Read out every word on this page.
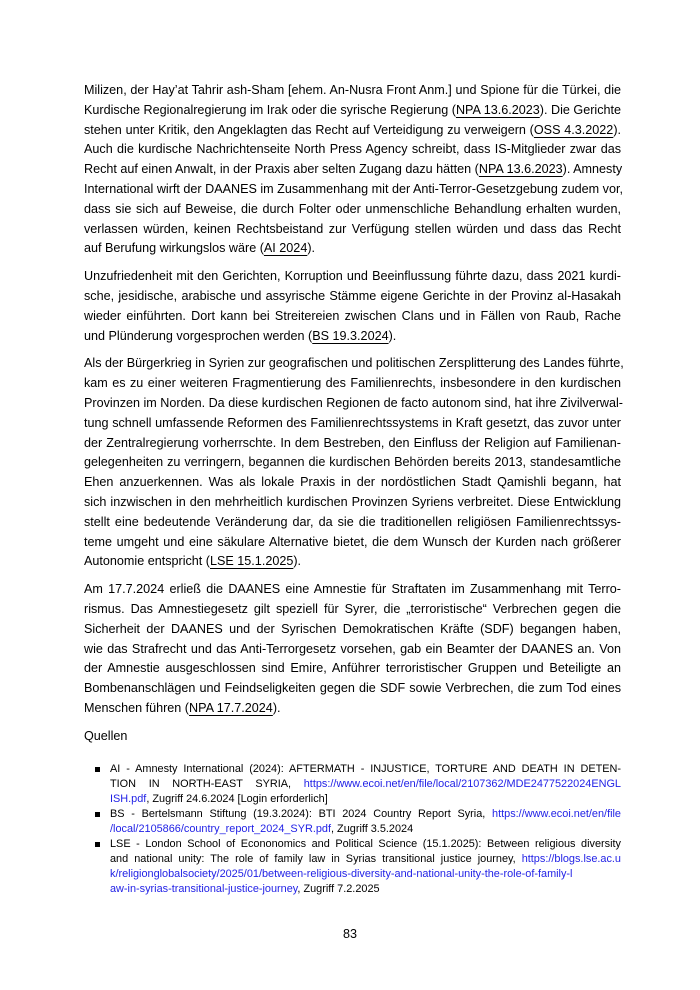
Milizen, der Hay’at Tahrir ash-Sham [ehem. An-Nusra Front Anm.] und Spione für die Türkei, die
Kurdische Regionalregierung im Irak oder die syrische Regierung (NPA 13.6.2023). Die Gerichte
stehen unter Kritik, den Angeklagten das Recht auf Verteidigung zu verweigern (OSS 4.3.2022).
Auch die kurdische Nachrichtenseite North Press Agency schreibt, dass IS-Mitglieder zwar das
Recht auf einen Anwalt, in der Praxis aber selten Zugang dazu hätten (NPA 13.6.2023). Amnesty
International wirft der DAANES im Zusammenhang mit der Anti-Terror-Gesetzgebung zudem vor,
dass sie sich auf Beweise, die durch Folter oder unmenschliche Behandlung erhalten wurden,
verlassen würden, keinen Rechtsbeistand zur Verfügung stellen würden und dass das Recht
auf Berufung wirkungslos wäre (AI 2024).
Unzufriedenheit mit den Gerichten, Korruption und Beeinflussung führte dazu, dass 2021 kurdi-
sche, jesidische, arabische und assyrische Stämme eigene Gerichte in der Provinz al-Hasakah
wieder einführten. Dort kann bei Streitereien zwischen Clans und in Fällen von Raub, Rache
und Plünderung vorgesprochen werden (BS 19.3.2024).
Als der Bürgerkrieg in Syrien zur geografischen und politischen Zersplitterung des Landes führte,
kam es zu einer weiteren Fragmentierung des Familienrechts, insbesondere in den kurdischen
Provinzen im Norden. Da diese kurdischen Regionen de facto autonom sind, hat ihre Zivilverwal-
tung schnell umfassende Reformen des Familienrechtssystems in Kraft gesetzt, das zuvor unter
der Zentralregierung vorherrschte. In dem Bestreben, den Einfluss der Religion auf Familienan-
gelegenheiten zu verringern, begannen die kurdischen Behörden bereits 2013, standesamtliche
Ehen anzuerkennen. Was als lokale Praxis in der nordöstlichen Stadt Qamishli begann, hat
sich inzwischen in den mehrheitlich kurdischen Provinzen Syriens verbreitet. Diese Entwicklung
stellt eine bedeutende Veränderung dar, da sie die traditionellen religiösen Familienrechtssys-
teme umgeht und eine säkulare Alternative bietet, die dem Wunsch der Kurden nach größerer
Autonomie entspricht (LSE 15.1.2025).
Am 17.7.2024 erließ die DAANES eine Amnestie für Straftaten im Zusammenhang mit Terro-
rismus. Das Amnestiegesetz gilt speziell für Syrer, die „terroristische“ Verbrechen gegen die
Sicherheit der DAANES und der Syrischen Demokratischen Kräfte (SDF) begangen haben,
wie das Strafrecht und das Anti-Terrorgesetz vorsehen, gab ein Beamter der DAANES an. Von
der Amnestie ausgeschlossen sind Emire, Anführer terroristischer Gruppen und Beteiligte an
Bombenanschlägen und Feindseligkeiten gegen die SDF sowie Verbrechen, die zum Tod eines
Menschen führen (NPA 17.7.2024).
Quellen
AI - Amnesty International (2024): AFTERMATH - INJUSTICE, TORTURE AND DEATH IN DETEN-
TION IN NORTH-EAST SYRIA, https://www.ecoi.net/en/file/local/2107362/MDE2477522024ENGL
ISH.pdf, Zugriff 24.6.2024 [Login erforderlich]
BS - Bertelsmann Stiftung (19.3.2024): BTI 2024 Country Report Syria, https://www.ecoi.net/en/file
/local/2105866/country_report_2024_SYR.pdf, Zugriff 3.5.2024
LSE - London School of Econonomics and Political Science (15.1.2025): Between religious diversity
and national unity: The role of family law in Syrias transitional justice journey, https://blogs.lse.ac.u
k/religionglobalsociety/2025/01/between-religious-diversity-and-national-unity-the-role-of-family-l
aw-in-syrias-transitional-justice-journey, Zugriff 7.2.2025
83
